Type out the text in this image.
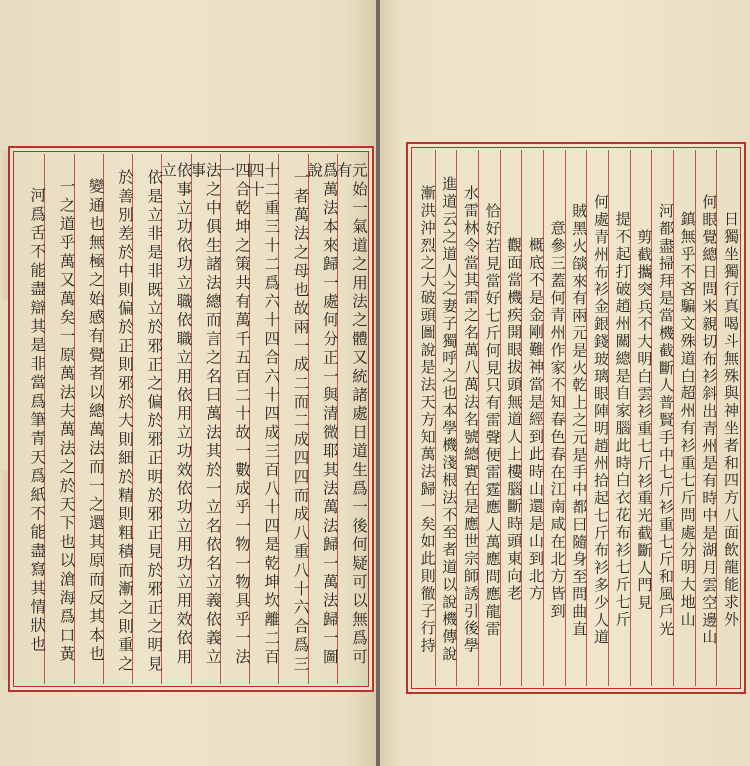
元始一氣道之用法之體又統諸處日道生爲一後何疑可以無爲可有
爲萬法本來歸一處何分正一與清微耶其法萬法歸一萬法歸一圖說
一者萬法之母也故兩一成二而二成四四而成八重八十六合爲三
十二重三十二爲六十四合六十四成三百八十四是乾坤坎離二百四十
四合乾坤之策共有萬千五百二十故一數成乎一物一物具乎一法一
法之中俱生諸法總而言之名曰萬法其於一立名依名立義依義立事
依事立功依功立職依職立用依用立功效依功立用功立用效依用立
依是立非是非既立於邪正之偏於邪正明於邪正見於邪正之明見
於善別差於中則偏於正則邪於大則細於精則粗積而漸之則重之
變通也無極之始感有覺者以總萬法而一之還其原而反其本也
一之道乎萬又萬矣一原萬法夫萬法之於天下也以滄海爲口黃
河爲舌不能盡辯其是非當爲筆青天爲紙不能盡寫其情狀也	日獨坐獨行真喝斗無殊與神坐者和四方八面飲龍能求外
何眼覺總日問米親切布衫斜出青州是有時中是湖月雲空邊山
鎮無乎不吝騙文殊道白超州有衫重七斤問處分明大地山
河都盡掃拜是當機截斷人普賢手中七斤衫重七斤和風戶光
剪截攜突兵不大明白雲衫重七斤衫重光截斷人門見
提不起打破趙州關總是自家腦此時白衣花布衫七斤七斤
何處青州布衫金銀錢玻璃眼陣明趙州拾起七斤布衫多少人道
賊黑火燄來有兩元是火乾上之元是手中都曰隨身至問曲直
意參三蓋何青州作家不知春色春在江南咸在北方皆到
概底不是金剛難神當是經到此時山還是山到北方
觀面當機疾開眼拔頭無道人上樓腦斷時頭東向老
恰好若見當好七斤何見只有雷聲便雷霆應人萬應問應龍雷
水雷林令當其雷之名萬八萬法名號總實在是應世宗師誘引後學
進道云之道人之妻子獨呼之也本學機淺根法不至者道以說機傳說
漸洪沖烈之大破頭圖說是法天方知萬法歸一矣如此則徹子行持
